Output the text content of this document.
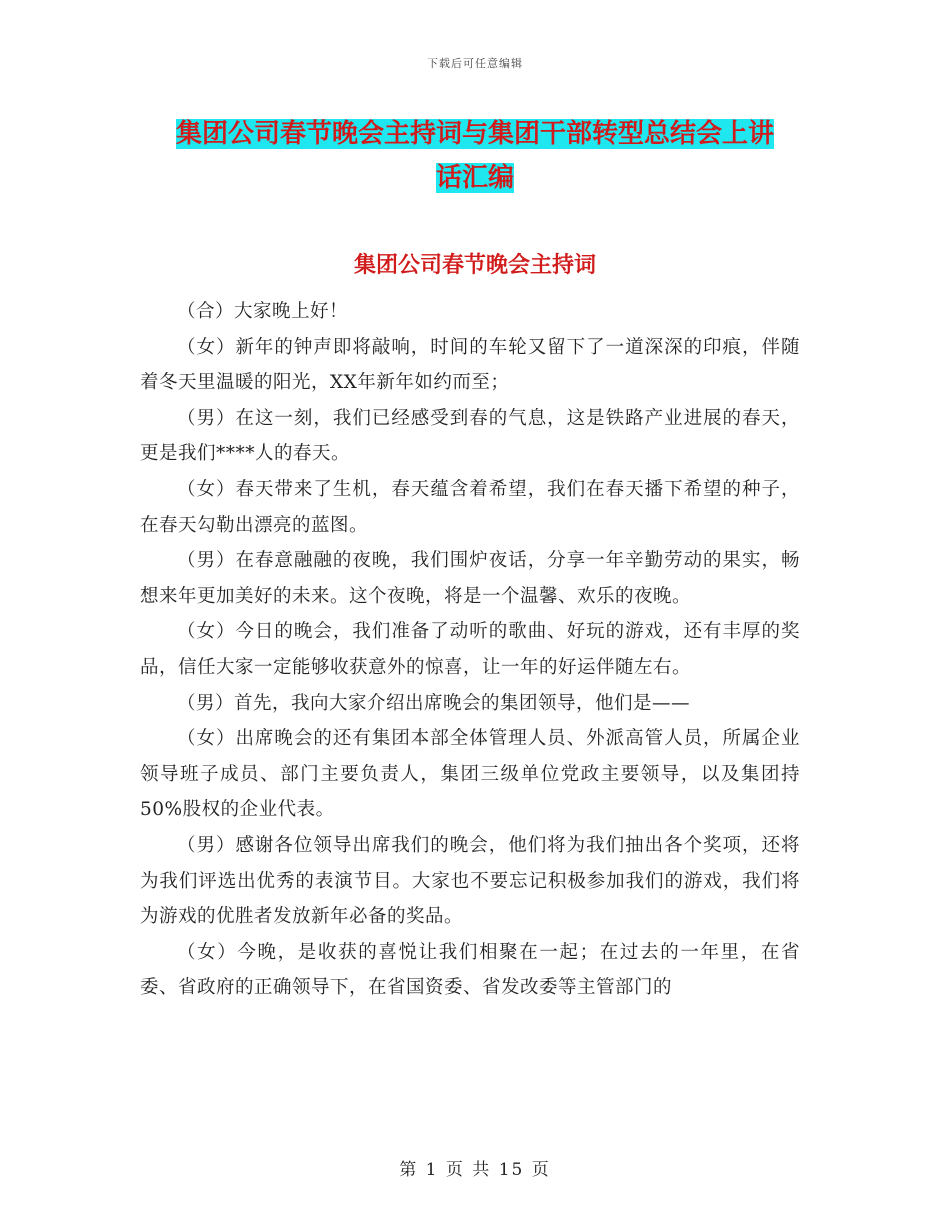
下载后可任意编辑
集团公司春节晚会主持词与集团干部转型总结会上讲
话汇编
集团公司春节晚会主持词

（合）大家晚上好！

（女）新年的钟声即将敲响，时间的车轮又留下了一道深深的印痕，伴随着冬天里温暖的阳光，XX年新年如约而至；

（男）在这一刻，我们已经感受到春的气息，这是铁路产业进展的春天，更是我们****人的春天。

（女）春天带来了生机，春天蕴含着希望，我们在春天播下希望的种子，在春天勾勒出漂亮的蓝图。

（男）在春意融融的夜晚，我们围炉夜话，分享一年辛勤劳动的果实，畅想来年更加美好的未来。这个夜晚，将是一个温馨、欢乐的夜晚。

（女）今日的晚会，我们准备了动听的歌曲、好玩的游戏，还有丰厚的奖品，信任大家一定能够收获意外的惊喜，让一年的好运伴随左右。

（男）首先，我向大家介绍出席晚会的集团领导，他们是——

（女）出席晚会的还有集团本部全体管理人员、外派高管人员，所属企业领导班子成员、部门主要负责人，集团三级单位党政主要领导，以及集团持50%股权的企业代表。

（男）感谢各位领导出席我们的晚会，他们将为我们抽出各个奖项，还将为我们评选出优秀的表演节目。大家也不要忘记积极参加我们的游戏，我们将为游戏的优胜者发放新年必备的奖品。

（女）今晚，是收获的喜悦让我们相聚在一起；在过去的一年里，在省委、省政府的正确领导下，在省国资委、省发改委等主管部门的

第 1 页 共 15 页
